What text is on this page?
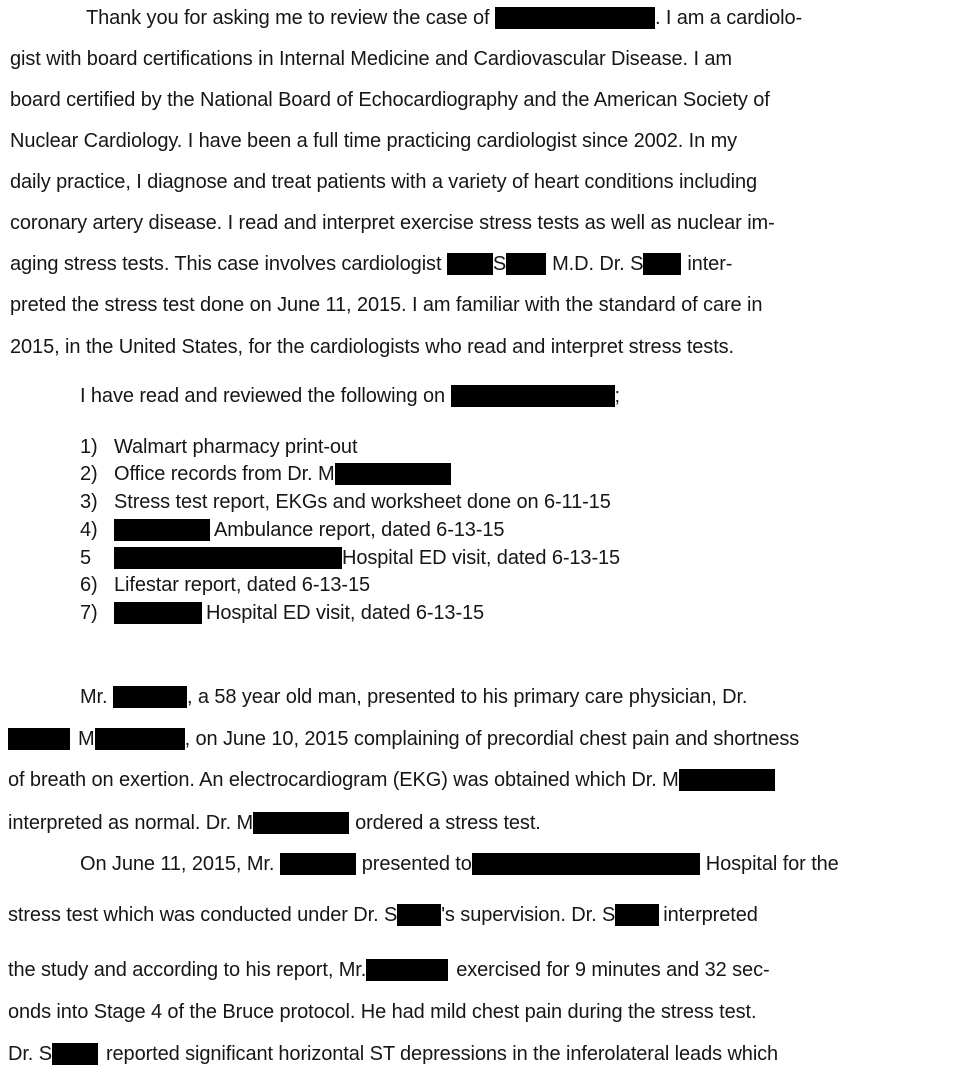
Thank you for asking me to review the case of	. I am a cardiolo-
gist with board certifications in Internal Medicine and Cardiovascular Disease. I am
board certified by the National Board of Echocardiography and the American Society of
Nuclear Cardiology. I have been a full time practicing cardiologist since 2002. In my
daily practice, I diagnose and treat patients with a variety of heart conditions including
coronary artery disease. I read and interpret exercise stress tests as well as nuclear im-
aging stress tests. This case involves cardiologist S M.D. Dr. S inter-
preted the stress test done on June 11, 2015. I am familiar with the standard of care in
2015, in the United States, for the cardiologists who read and interpret stress tests.
I have read and reviewed the following on	;
1) Walmart pharmacy print-out
2) Office records from Dr. M
3) Stress test report, EKGs and worksheet done on 6-11-15
4)	Ambulance report, dated 6-13-15
5	Hospital ED visit, dated 6-13-15
6) Lifestar report, dated 6-13-15
7)	Hospital ED visit, dated 6-13-15
Mr.	, a 58 year old man, presented to his primary care physician, Dr.
M	, on June 10, 2015 complaining of precordial chest pain and shortness
of breath on exertion. An electrocardiogram (EKG) was obtained which Dr. M
interpreted as normal. Dr. M	ordered a stress test.
On June 11, 2015, Mr.	presented to	Hospital for the
stress test which was conducted under Dr. S 's supervision. Dr. S interpreted
the study and according to his report, Mr.	exercised for 9 minutes and 32 sec-
onds into Stage 4 of the Bruce protocol. He had mild chest pain during the stress test.
Dr. S	reported significant horizontal ST depressions in the inferolateral leads which
